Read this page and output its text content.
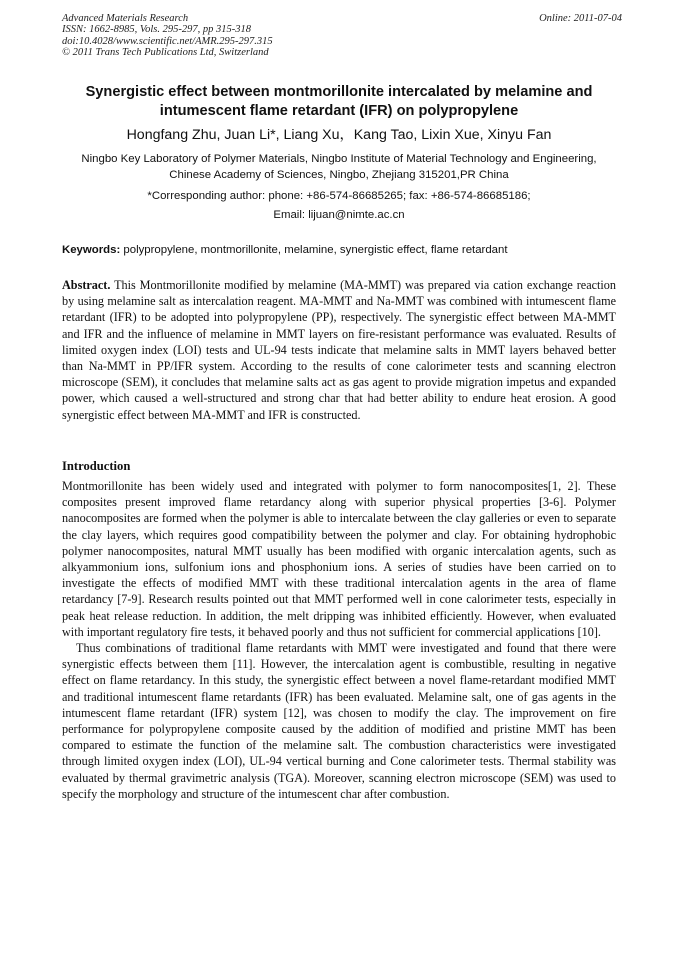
Advanced Materials Research
ISSN: 1662-8985, Vols. 295-297, pp 315-318
doi:10.4028/www.scientific.net/AMR.295-297.315
© 2011 Trans Tech Publications Ltd, Switzerland
Online: 2011-07-04
Synergistic effect between montmorillonite intercalated by melamine and intumescent flame retardant (IFR) on polypropylene
Hongfang Zhu, Juan Li*, Liang Xu，Kang Tao, Lixin Xue, Xinyu Fan
Ningbo Key Laboratory of Polymer Materials, Ningbo Institute of Material Technology and Engineering, Chinese Academy of Sciences, Ningbo, Zhejiang 315201,PR China
*Corresponding author: phone: +86-574-86685265; fax: +86-574-86685186;
Email: lijuan@nimte.ac.cn
Keywords: polypropylene, montmorillonite, melamine, synergistic effect, flame retardant

Abstract. This Montmorillonite modified by melamine (MA-MMT) was prepared via cation exchange reaction by using melamine salt as intercalation reagent. MA-MMT and Na-MMT was combined with intumescent flame retardant (IFR) to be adopted into polypropylene (PP), respectively. The synergistic effect between MA-MMT and IFR and the influence of melamine in MMT layers on fire-resistant performance was evaluated. Results of limited oxygen index (LOI) tests and UL-94 tests indicate that melamine salts in MMT layers behaved better than Na-MMT in PP/IFR system. According to the results of cone calorimeter tests and scanning electron microscope (SEM), it concludes that melamine salts act as gas agent to provide migration impetus and expanded power, which caused a well-structured and strong char that had better ability to endure heat erosion. A good synergistic effect between MA-MMT and IFR is constructed.

Introduction

Montmorillonite has been widely used and integrated with polymer to form nanocomposites[1, 2]. These composites present improved flame retardancy along with superior physical properties [3-6]. Polymer nanocomposites are formed when the polymer is able to intercalate between the clay galleries or even to separate the clay layers, which requires good compatibility between the polymer and clay. For obtaining hydrophobic polymer nanocomposites, natural MMT usually has been modified with organic intercalation agents, such as alkyammonium ions, sulfonium ions and phosphonium ions. A series of studies have been carried on to investigate the effects of modified MMT with these traditional intercalation agents in the area of flame retardancy [7-9]. Research results pointed out that MMT performed well in cone calorimeter tests, especially in peak heat release reduction. In addition, the melt dripping was inhibited efficiently. However, when evaluated with important regulatory fire tests, it behaved poorly and thus not sufficient for commercial applications [10].

Thus combinations of traditional flame retardants with MMT were investigated and found that there were synergistic effects between them [11]. However, the intercalation agent is combustible, resulting in negative effect on flame retardancy. In this study, the synergistic effect between a novel flame-retardant modified MMT and traditional intumescent flame retardants (IFR) has been evaluated. Melamine salt, one of gas agents in the intumescent flame retardant (IFR) system [12], was chosen to modify the clay. The improvement on fire performance for polypropylene composite caused by the addition of modified and pristine MMT has been compared to estimate the function of the melamine salt. The combustion characteristics were investigated through limited oxygen index (LOI), UL-94 vertical burning and Cone calorimeter tests. Thermal stability was evaluated by thermal gravimetric analysis (TGA). Moreover, scanning electron microscope (SEM) was used to specify the morphology and structure of the intumescent char after combustion.
